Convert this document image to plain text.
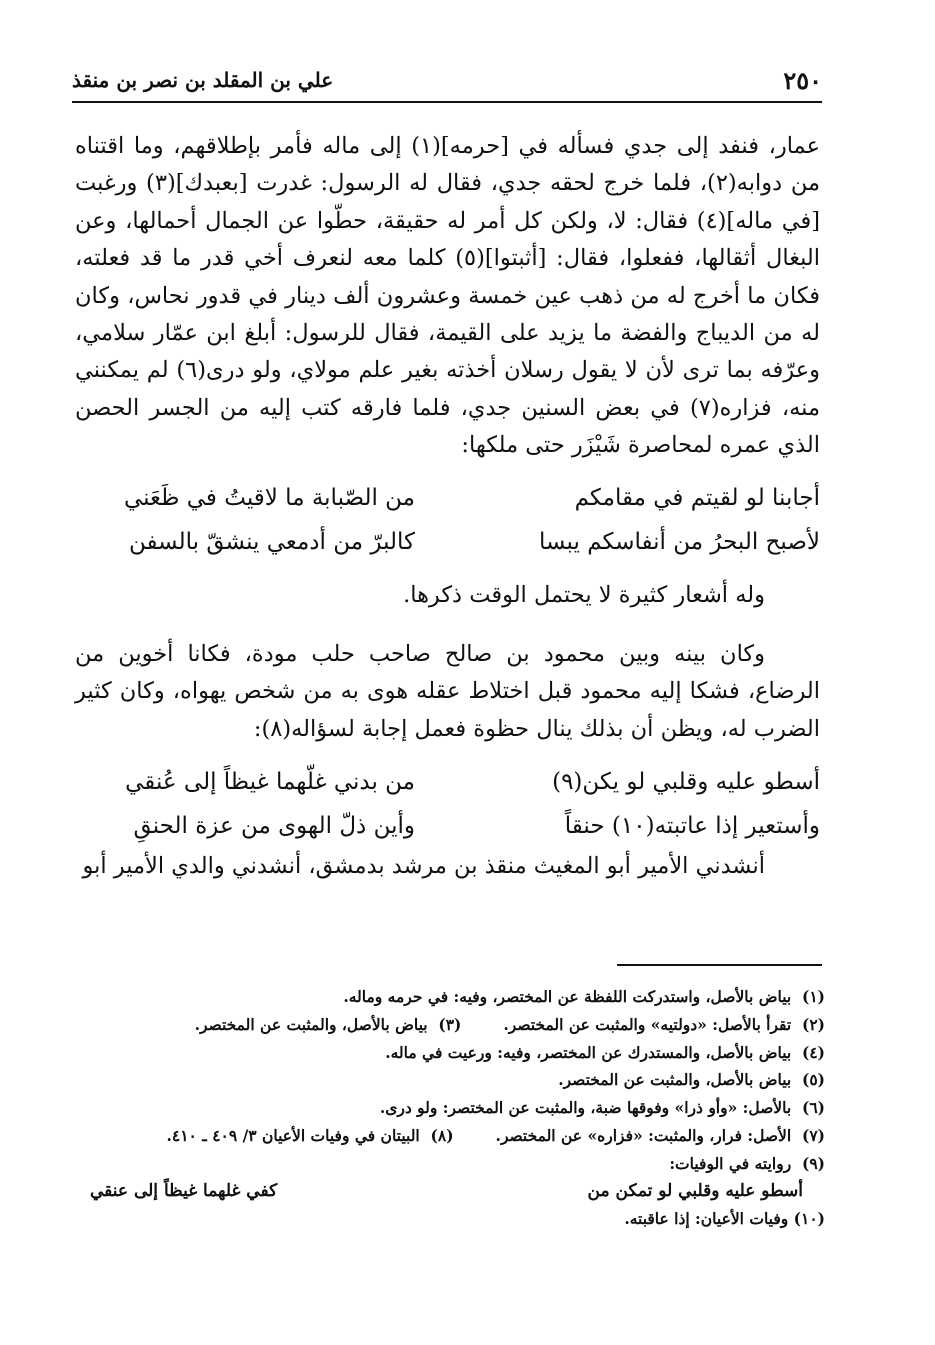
٢٥٠
علي بن المقلد بن نصر بن منقذ

عمار، فنفد إلى جدي فسأله في [حرمه](١) إلى ماله فأمر بإطلاقهم، وما اقتناه من دوابه(٢)، فلما خرج لحقه جدي، فقال له الرسول: غدرت [بعبدك](٣) ورغبت [في ماله](٤) فقال: لا، ولكن كل أمر له حقيقة، حطّوا عن الجمال أحمالها، وعن البغال أثقالها، ففعلوا، فقال: [أثبتوا](٥) كلما معه لنعرف أخي قدر ما قد فعلته، فكان ما أخرج له من ذهب عين خمسة وعشرون ألف دينار في قدور نحاس، وكان له من الديباج والفضة ما يزيد على القيمة، فقال للرسول: أبلغ ابن عمّار سلامي، وعرّفه بما ترى لأن لا يقول رسلان أخذته بغير علم مولاي، ولو درى(٦) لم يمكنني منه، فزاره(٧) في بعض السنين جدي، فلما فارقه كتب إليه من الجسر الحصن الذي عمره لمحاصرة شَيْزَر حتى ملكها:

أجابنا لو لقيتم في مقامكم
من الصّبابة ما لاقيتُ في ظَعَني
لأصبح البحرُ من أنفاسكم يبسا
كالبرّ من أدمعي ينشقّ بالسفن

وله أشعار كثيرة لا يحتمل الوقت ذكرها.

وكان بينه وبين محمود بن صالح صاحب حلب مودة، فكانا أخوين من الرضاع، فشكا إليه محمود قبل اختلاط عقله هوى به من شخص يهواه، وكان كثير الضرب له، ويظن أن بذلك ينال حظوة فعمل إجابة لسؤاله(٨):

أسطو عليه وقلبي لو يكن(٩)
من بدني غلّهما غيظاً إلى عُنقي
وأستعير إذا عاتبته(١٠) حنقاً
وأين ذلّ الهوى من عزة الحنقِ

أنشدني الأمير أبو المغيث منقذ بن مرشد بدمشق، أنشدني والدي الأمير أبو

(١)

بياض بالأصل، واستدركت اللفظة عن المختصر، وفيه: في حرمه وماله.
(٢)

تقرأ بالأصل: «دولتيه» والمثبت عن المختصر.
(٣)

بياض بالأصل، والمثبت عن المختصر.
(٤)

بياض بالأصل، والمستدرك عن المختصر، وفيه: ورعيت في ماله.
(٥)

بياض بالأصل، والمثبت عن المختصر.
(٦)

بالأصل: «وأو ذرا» وفوقها ضبة، والمثبت عن المختصر: ولو درى.
(٧)

الأصل: فرار، والمثبت: «فزاره» عن المختصر.
(٨)

البيتان في وفيات الأعيان ٣/ ٤٠٩ ـ ٤١٠.
(٩)

روايته في الوفيات:
أسطو عليه وقلبي لو تمكن من
كفي غلهما غيظاً إلى عنقي
(١٠)

وفيات الأعيان: إذا عاقبته.
